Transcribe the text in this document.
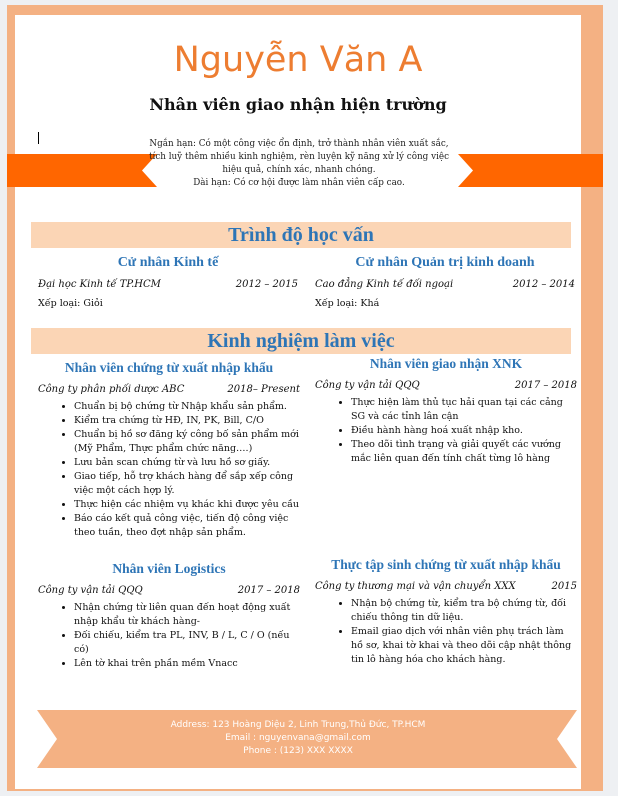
Nguyễn Văn A
Nhân viên giao nhận hiện trường
Ngắn hạn: Có một công việc ổn định, trở thành nhân viên xuất sắc, tích luỹ thêm nhiều kinh nghiệm, rèn luyện kỹ năng xử lý công việc hiệu quả, chính xác, nhanh chóng.
Dài hạn: Có cơ hội được làm nhân viên cấp cao.
Trình độ học vấn
Cử nhân Kinh tế
Đại học Kinh tế TP.HCM	2012 – 2015
Xếp loại: Giỏi
Cử nhân Quản trị kinh doanh
Cao đẳng Kinh tế đối ngoại	2012 – 2014
Xếp loại: Khá
Kinh nghiệm làm việc
Nhân viên chứng từ xuất nhập khẩu
Công ty phân phối dược ABC	2018– Present
• Chuẩn bị bộ chứng từ Nhập khẩu sản phẩm.
• Kiểm tra chứng từ HĐ, IN, PK, Bill, C/O
• Chuẩn bị hồ sơ đăng ký công bố sản phẩm mới (Mỹ Phẩm, Thực phẩm chức năng….)
• Lưu bản scan chứng từ và lưu hồ sơ giấy.
• Giao tiếp, hỗ trợ khách hàng để sắp xếp công việc một cách hợp lý.
• Thực hiện các nhiệm vụ khác khi được yêu cầu
• Báo cáo kết quả công việc, tiến độ công việc theo tuần, theo đợt nhập sản phẩm.
Nhân viên Logistics
Công ty vận tải QQQ	2017 – 2018
• Nhận chứng từ liên quan đến hoạt động xuất nhập khẩu từ khách hàng-
• Đối chiếu, kiểm tra PL, INV, B / L, C / O (nếu có)
• Lên tờ khai trên phần mềm Vnacc
Nhân viên giao nhận XNK
Công ty vận tải QQQ	2017 – 2018
• Thực hiện làm thủ tục hải quan tại các cảng SG và các tỉnh lân cận
• Điều hành hàng hoá xuất nhập kho.
• Theo dõi tình trạng và giải quyết các vướng mắc liên quan đến tính chất từng lô hàng
Thực tập sinh chứng từ xuất nhập khẩu
Công ty thương mại và vận chuyển XXX	2015
• Nhận bộ chứng từ, kiểm tra bộ chứng từ, đối chiếu thông tin dữ liệu.
• Email giao dịch với nhân viên phụ trách làm hồ sơ, khai tờ khai và theo dõi cập nhật thông tin lô hàng hóa cho khách hàng.
Address: 123 Hoàng Diệu 2, Linh Trung,Thủ Đức, TP.HCM
Email : nguyenvana@gmail.com
Phone : (123) XXX XXXX
